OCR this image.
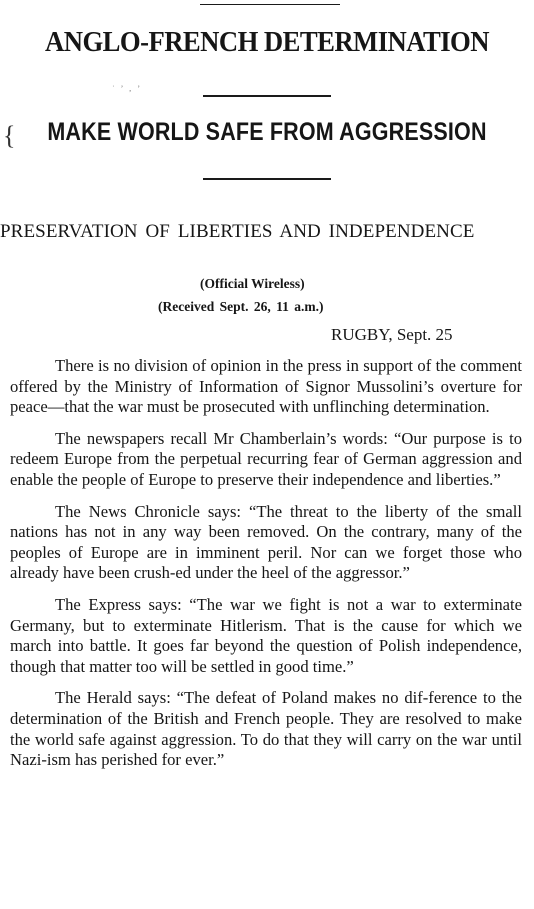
ANGLO-FRENCH DETERMINATION
˙ ’ ‚ ’
{	MAKE WORLD SAFE FROM AGGRESSION
PRESERVATION OF LIBERTIES AND INDEPENDENCE
(Official Wireless)
(Received Sept. 26, 11 a.m.)
RUGBY, Sept. 25

There is no division of opinion in the press in support of the comment offered by the Ministry of Information of Signor Mussolini’s overture for peace—that the war must be prosecuted with unflinching determination.

The newspapers recall Mr Chamberlain’s words: “Our purpose is to redeem Europe from the perpetual recurring fear of German aggression and enable the people of Europe to preserve their independence and liberties.”

The News Chronicle says: “The threat to the liberty of the small nations has not in any way been removed. On the contrary, many of the peoples of Europe are in imminent peril. Nor can we forget those who already have been crush-ed under the heel of the aggressor.”

The Express says: “The war we fight is not a war to exterminate Germany, but to exterminate Hitlerism. That is the cause for which we march into battle. It goes far beyond the question of Polish independence, though that matter too will be settled in good time.”

The Herald says: “The defeat of Poland makes no dif-ference to the determination of the British and French people. They are resolved to make the world safe against aggression. To do that they will carry on the war until Nazi-ism has perished for ever.”
